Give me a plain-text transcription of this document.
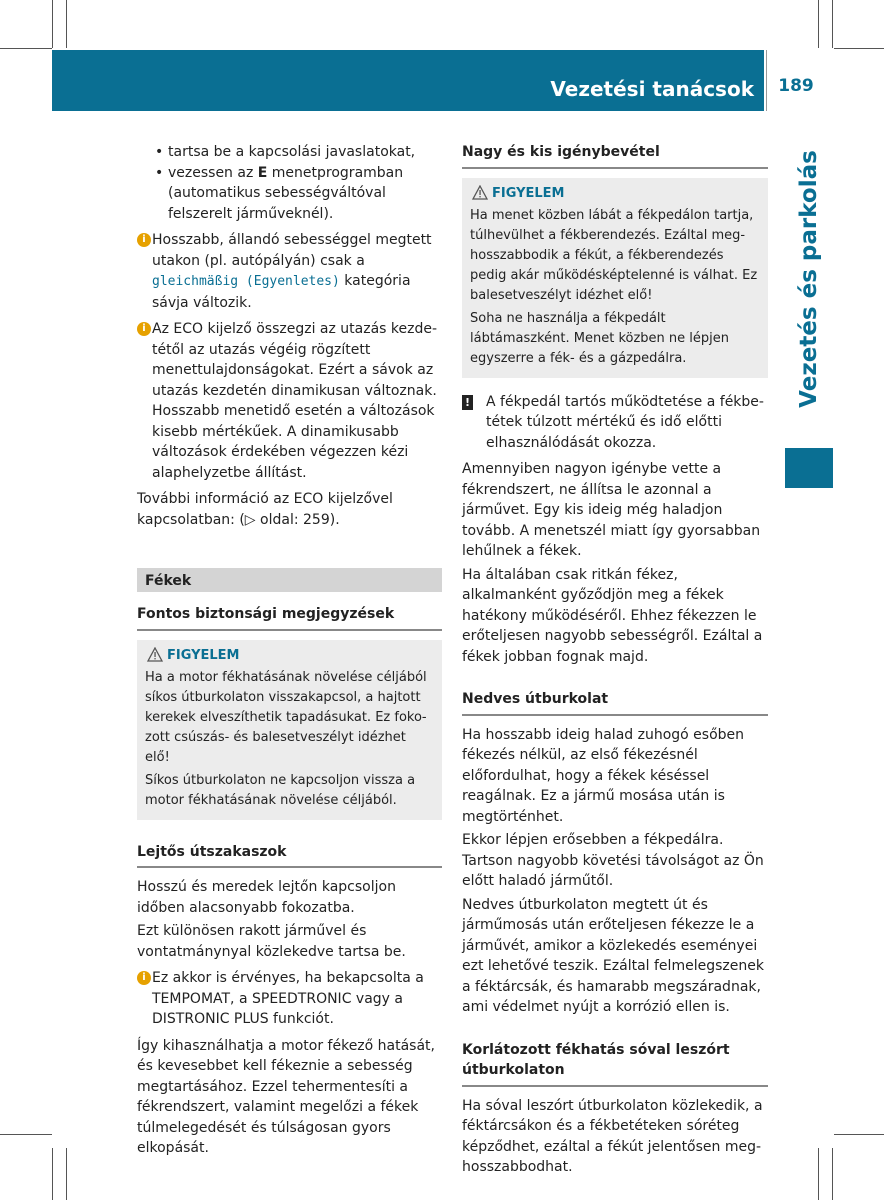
Vezetési tanácsok	189
Vezetés és parkolás
• tartsa be a kapcsolási javaslatokat,
• vezessen az E menetprogramban (automatikus sebességváltóval felszerelt járműveknél).

i Hosszabb, állandó sebességgel megtett utakon (pl. autópályán) csak a gleichmäßig (Egyenletes) kategória sávja változik.

i Az ECO kijelző összegzi az utazás kezdetétől az utazás végéig rögzített menettulajdonságokat. Ezért a sávok az utazás kezdetén dinamikusan változnak. Hosszabb menetidő esetén a változások kisebb mértékűek. A dinamikusabb változások érdekében végezzen kézi alaphelyzetbe állítást.

További információ az ECO kijelzővel kapcsolatban: (▷ oldal: 259).

Fékek
Fontos biztonsági megjegyzések
FIGYELEM

Ha a motor fékhatásának növelése céljából síkos útburkolaton visszakapcsol, a hajtott kerekek elveszíthetik tapadásukat. Ez fokozott csúszás- és balesetveszélyt idézhet elő!

Síkos útburkolaton ne kapcsoljon vissza a motor fékhatásának növelése céljából.

Lejtős útszakaszok

Hosszú és meredek lejtőn kapcsoljon időben alacsonyabb fokozatba.

Ezt különösen rakott járművel és vontatmánynyal közlekedve tartsa be.

i Ez akkor is érvényes, ha bekapcsolta a TEMPOMAT, a SPEEDTRONIC vagy a DISTRONIC PLUS funkciót.

Így kihasználhatja a motor fékező hatását, és kevesebbet kell fékeznie a sebesség megtartásához. Ezzel tehermentesíti a fékrendszert, valamint megelőzi a fékek túlmelegedését és túlságosan gyors elkopását.

Nagy és kis igénybevétel
FIGYELEM

Ha menet közben lábát a fékpedálon tartja, túlhevülhet a fékberendezés. Ezáltal meghosszabbodik a fékút, a fékberendezés pedig akár működésképtelenné is válhat. Ez balesetveszélyt idézhet elő!

Soha ne használja a fékpedált lábtámaszként. Menet közben ne lépjen egyszerre a fék- és a gázpedálra.

! A fékpedál tartós működtetése a fékbetétek túlzott mértékű és idő előtti elhasználódását okozza.

Amennyiben nagyon igénybe vette a fékrendszert, ne állítsa le azonnal a járművet. Egy kis ideig még haladjon tovább. A menetszél miatt így gyorsabban lehűlnek a fékek.

Ha általában csak ritkán fékez, alkalmanként győződjön meg a fékek hatékony működéséről. Ehhez fékezzen le erőteljesen nagyobb sebességről. Ezáltal a fékek jobban fognak majd.

Nedves útburkolat

Ha hosszabb ideig halad zuhogó esőben fékezés nélkül, az első fékezésnél előfordulhat, hogy a fékek késéssel reagálnak. Ez a jármű mosása után is megtörténhet.

Ekkor lépjen erősebben a fékpedálra. Tartson nagyobb követési távolságot az Ön előtt haladó járműtől.

Nedves útburkolaton megtett út és járműmosás után erőteljesen fékezze le a járművét, amikor a közlekedés eseményei ezt lehetővé teszik. Ezáltal felmelegszenek a féktárcsák, és hamarabb megszáradnak, ami védelmet nyújt a korrózió ellen is.

Korlátozott fékhatás sóval leszórt útburkolaton

Ha sóval leszórt útburkolaton közlekedik, a féktárcsákon és a fékbetéteken sóréteg képződhet, ezáltal a fékút jelentősen meghosszabbodhat.
